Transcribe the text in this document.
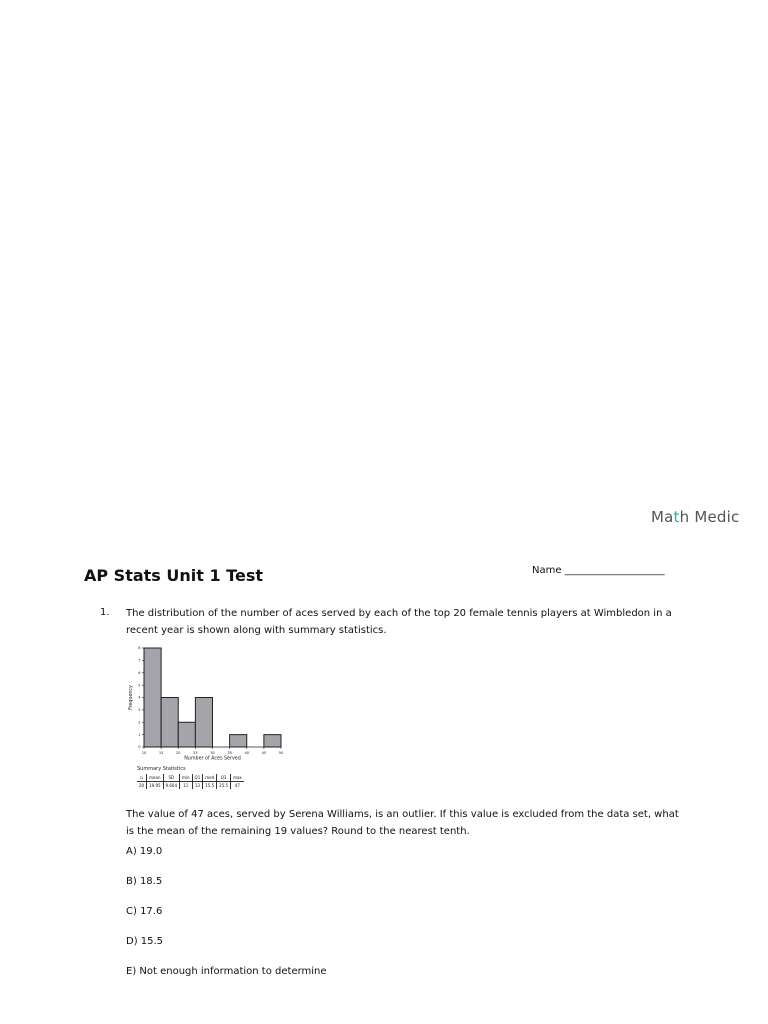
Math Medic
AP Stats Unit 1 Test	Name ____________________
1. The distribution of the number of aces served by each of the top 20 female tennis players at Wimbledon in a recent year is shown along with summary statistics.
10	15	20	25	30	35	40	45	50
0
1
2
3
4
5
6
7
8
Number of Aces Served
Frequency
Summary Statistics
n	mean	SD	min	Q1	med	Q3	max
20	19.95	9.604	11	13	15.5	25.5	47
The value of 47 aces, served by Serena Williams, is an outlier. If this value is excluded from the data set, what is the mean of the remaining 19 values? Round to the nearest tenth.
A) 19.0
B) 18.5
C) 17.6
D) 15.5
E) Not enough information to determine
